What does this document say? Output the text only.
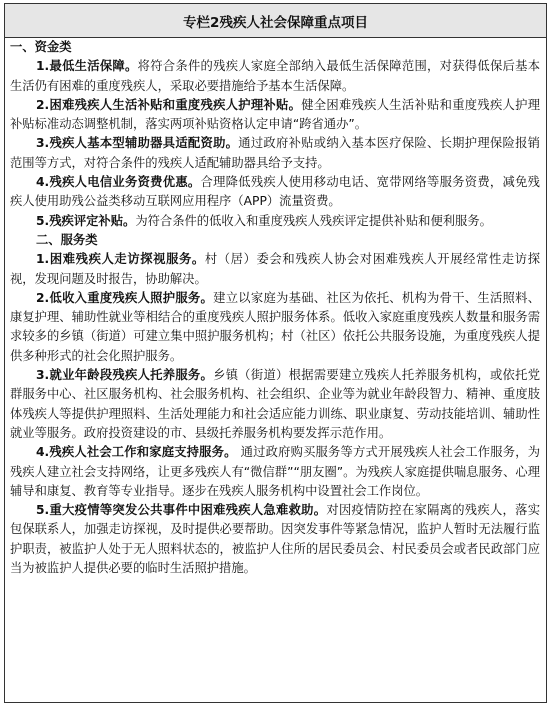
专栏2残疾人社会保障重点项目

一、资金类

1.最低生活保障。将符合条件的残疾人家庭全部纳入最低生活保障范围，对获得低保后基本生活仍有困难的重度残疾人，采取必要措施给予基本生活保障。

2.困难残疾人生活补贴和重度残疾人护理补贴。健全困难残疾人生活补贴和重度残疾人护理补贴标准动态调整机制，落实两项补贴资格认定申请“跨省通办”。

3.残疾人基本型辅助器具适配资助。通过政府补贴或纳入基本医疗保险、长期护理保险报销范围等方式，对符合条件的残疾人适配辅助器具给予支持。

4.残疾人电信业务资费优惠。合理降低残疾人使用移动电话、宽带网络等服务资费，减免残疾人使用助残公益类移动互联网应用程序（APP）流量资费。

5.残疾评定补贴。为符合条件的低收入和重度残疾人残疾评定提供补贴和便利服务。

二、服务类

1.困难残疾人走访探视服务。村（居）委会和残疾人协会对困难残疾人开展经常性走访探视，发现问题及时报告，协助解决。

2.低收入重度残疾人照护服务。建立以家庭为基础、社区为依托、机构为骨干、生活照料、康复护理、辅助性就业等相结合的重度残疾人照护服务体系。低收入家庭重度残疾人数量和服务需求较多的乡镇（街道）可建立集中照护服务机构；村（社区）依托公共服务设施，为重度残疾人提供多种形式的社会化照护服务。

3.就业年龄段残疾人托养服务。乡镇（街道）根据需要建立残疾人托养服务机构，或依托党群服务中心、社区服务机构、社会服务机构、社会组织、企业等为就业年龄段智力、精神、重度肢体残疾人等提供护理照料、生活处理能力和社会适应能力训练、职业康复、劳动技能培训、辅助性就业等服务。政府投资建设的市、县级托养服务机构要发挥示范作用。

4.残疾人社会工作和家庭支持服务。 通过政府购买服务等方式开展残疾人社会工作服务，为残疾人建立社会支持网络，让更多残疾人有“微信群”“朋友圈”。为残疾人家庭提供喘息服务、心理辅导和康复、教育等专业指导。逐步在残疾人服务机构中设置社会工作岗位。

5.重大疫情等突发公共事件中困难残疾人急难救助。对因疫情防控在家隔离的残疾人，落实包保联系人，加强走访探视，及时提供必要帮助。因突发事件等紧急情况，监护人暂时无法履行监护职责，被监护人处于无人照料状态的，被监护人住所的居民委员会、村民委员会或者民政部门应当为被监护人提供必要的临时生活照护措施。
